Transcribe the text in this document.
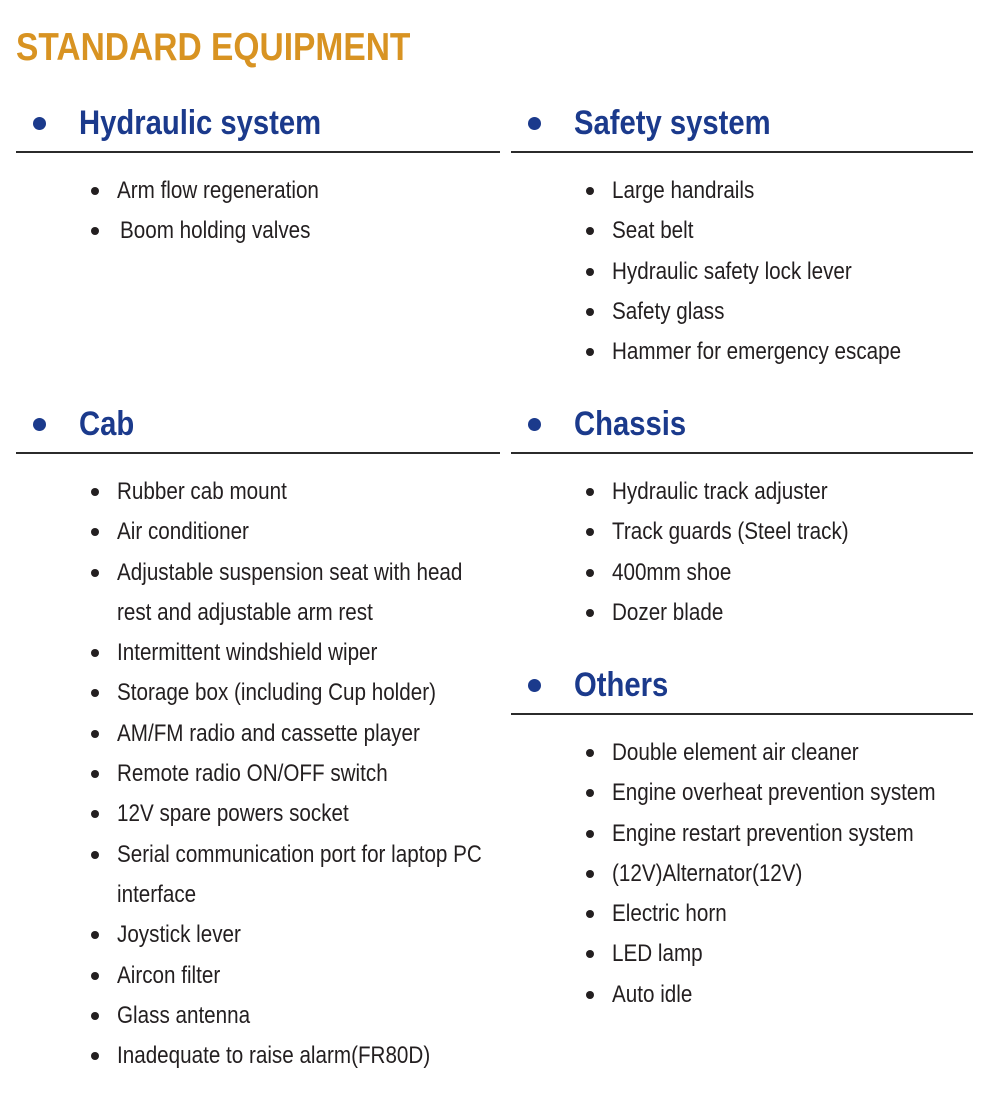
STANDARD EQUIPMENT
Hydraulic system
Arm flow regeneration
Boom holding valves
Safety system
Large handrails
Seat belt
Hydraulic safety lock lever
Safety glass
Hammer for emergency escape
Cab
Rubber cab mount
Air conditioner
Adjustable suspension seat with head rest and adjustable arm rest
Intermittent windshield wiper
Storage box (including Cup holder)
AM/FM radio and cassette player
Remote radio ON/OFF switch
12V spare powers socket
Serial communication port for laptop PC interface
Joystick lever
Aircon filter
Glass antenna
Inadequate to raise alarm(FR80D)
Chassis
Hydraulic track adjuster
Track guards (Steel track)
400mm shoe
Dozer blade
Others
Double element air cleaner
Engine overheat prevention system
Engine restart prevention system
(12V)Alternator(12V)
Electric horn
LED lamp
Auto idle
